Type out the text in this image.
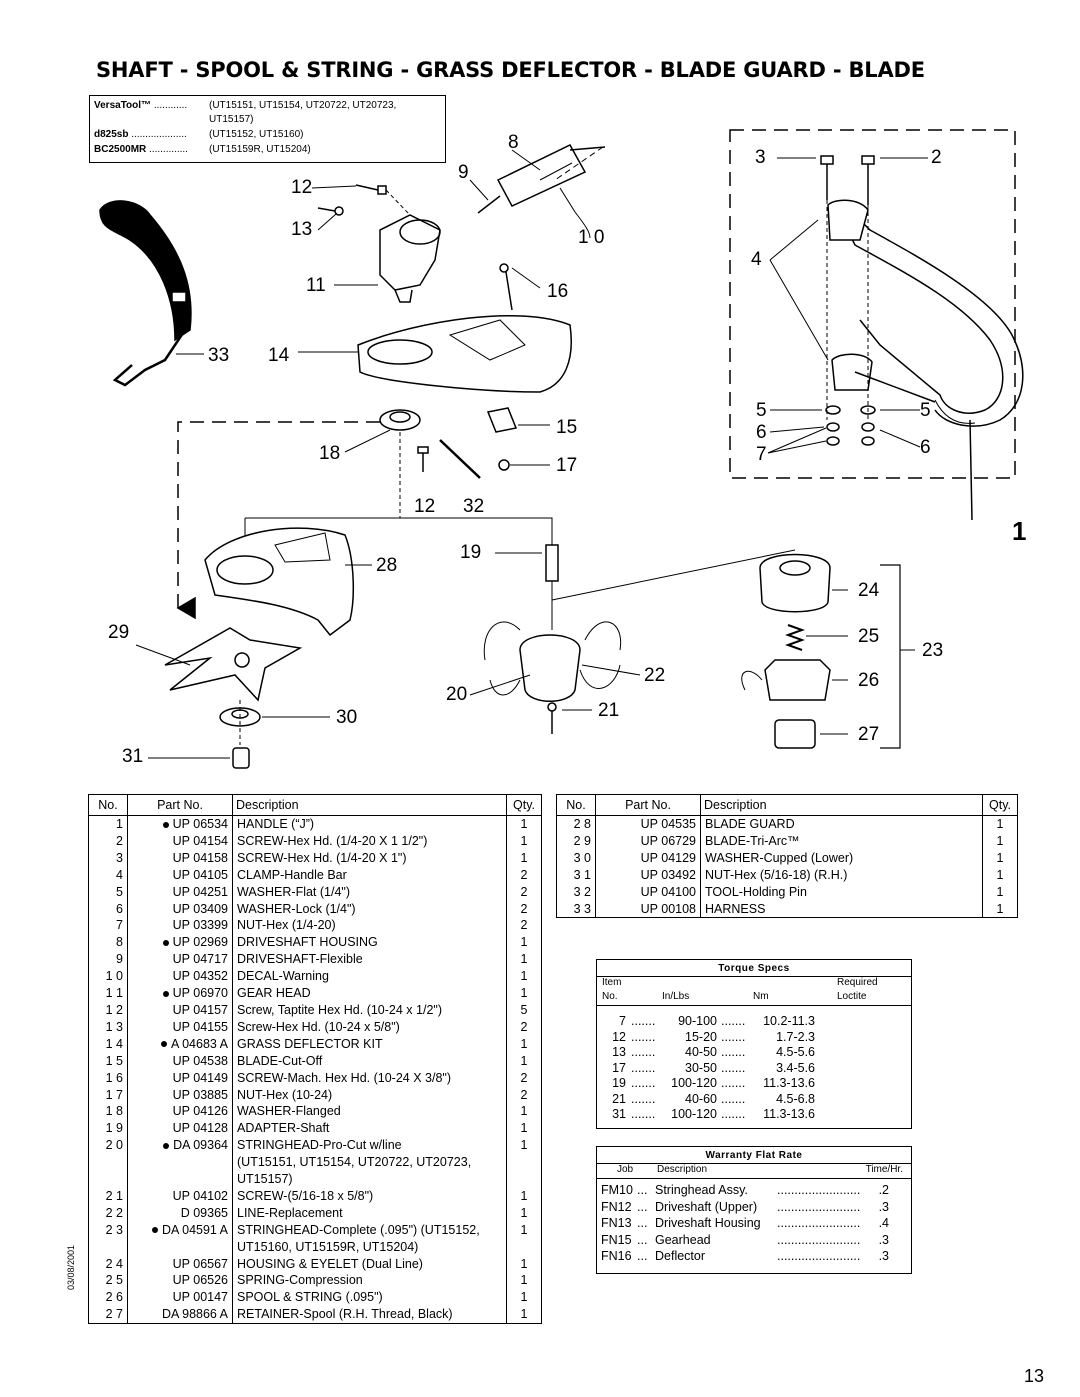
SHAFT - SPOOL & STRING - GRASS DEFLECTOR - BLADE GUARD - BLADE
VersaTool™ ............ (UT15151, UT15154, UT20722, UT20723,
UT15157)
d825sb .................... (UT15152, UT15160)
BC2500MR .............. (UT15159R, UT15204)	8
9
1 0
12
13
11	16
33 14
15
18
17
12 32
19
28
29
22
20
21
30
31
3	2
4
5	5
6
6
7
1
24
25
23
26
27
No.	Part No.	Description	Qty.
1	UP 06534	HANDLE (“J”)	1
2	UP 04154	SCREW-Hex Hd. (1/4-20 X 1 1/2")	1
3	UP 04158	SCREW-Hex Hd. (1/4-20 X 1")	1
4	UP 04105	CLAMP-Handle Bar	2
5	UP 04251	WASHER-Flat (1/4")	2
6	UP 03409	WASHER-Lock (1/4")	2
7	UP 03399	NUT-Hex (1/4-20)	2
8	UP 02969	DRIVESHAFT HOUSING	1
9	UP 04717	DRIVESHAFT-Flexible	1
1 0	UP 04352	DECAL-Warning	1
1 1	UP 06970	GEAR HEAD	1
1 2	UP 04157	Screw, Taptite Hex Hd. (10-24 x 1/2")	5
1 3	UP 04155	Screw-Hex Hd. (10-24 x 5/8")	2
1 4	A 04683 A	GRASS DEFLECTOR KIT	1
1 5	UP 04538	BLADE-Cut-Off	1
1 6	UP 04149	SCREW-Mach. Hex Hd. (10-24 X 3/8")	2
1 7	UP 03885	NUT-Hex (10-24)	2
1 8	UP 04126	WASHER-Flanged	1
1 9	UP 04128	ADAPTER-Shaft	1
2 0	DA 09364	STRINGHEAD-Pro-Cut w/line	1
		(UT15151, UT15154, UT20722, UT20723,	
		UT15157)	
2 1	UP 04102	SCREW-(5/16-18 x 5/8")	1
2 2	D 09365	LINE-Replacement	1
2 3	DA 04591 A	STRINGHEAD-Complete (.095") (UT15152,	1
		UT15160, UT15159R, UT15204)	
2 4	UP 06567	HOUSING & EYELET (Dual Line)	1
2 5	UP 06526	SPRING-Compression	1
2 6	UP 00147	SPOOL & STRING (.095")	1
2 7	DA 98866 A	RETAINER-Spool (R.H. Thread, Black)	1
No.	Part No.	Description	Qty.
2 8	UP 04535	BLADE GUARD	1
2 9	UP 06729	BLADE-Tri-Arc™	1
3 0	UP 04129	WASHER-Cupped (Lower)	1
3 1	UP 03492	NUT-Hex (5/16-18) (R.H.)	1
3 2	UP 04100	TOOL-Holding Pin	1
3 3	UP 00108	HARNESS	1
Torque Specs
Item
No.	In/Lbs	Nm
Required
Loctite
7 .......	90-100 .......	10.2-11.3
12 .......	15-20 .......	1.7-2.3
13 .......	40-50 .......	4.5-5.6
17 .......	30-50 .......	3.4-5.6
19 .......	100-120 .......	11.3-13.6
21 .......	40-60 .......	4.5-6.8
31 .......	100-120 .......	11.3-13.6
Warranty Flat Rate
Job Description	Time/Hr.
FM10 ... Stringhead Assy. ........................ .2
FN12 ... Driveshaft (Upper) ........................ .3
FN13 ... Driveshaft Housing ........................ .4
FN15 ... Gearhead	........................ .3
FN16 ... Deflector	........................ .3
03/08/2001
13
